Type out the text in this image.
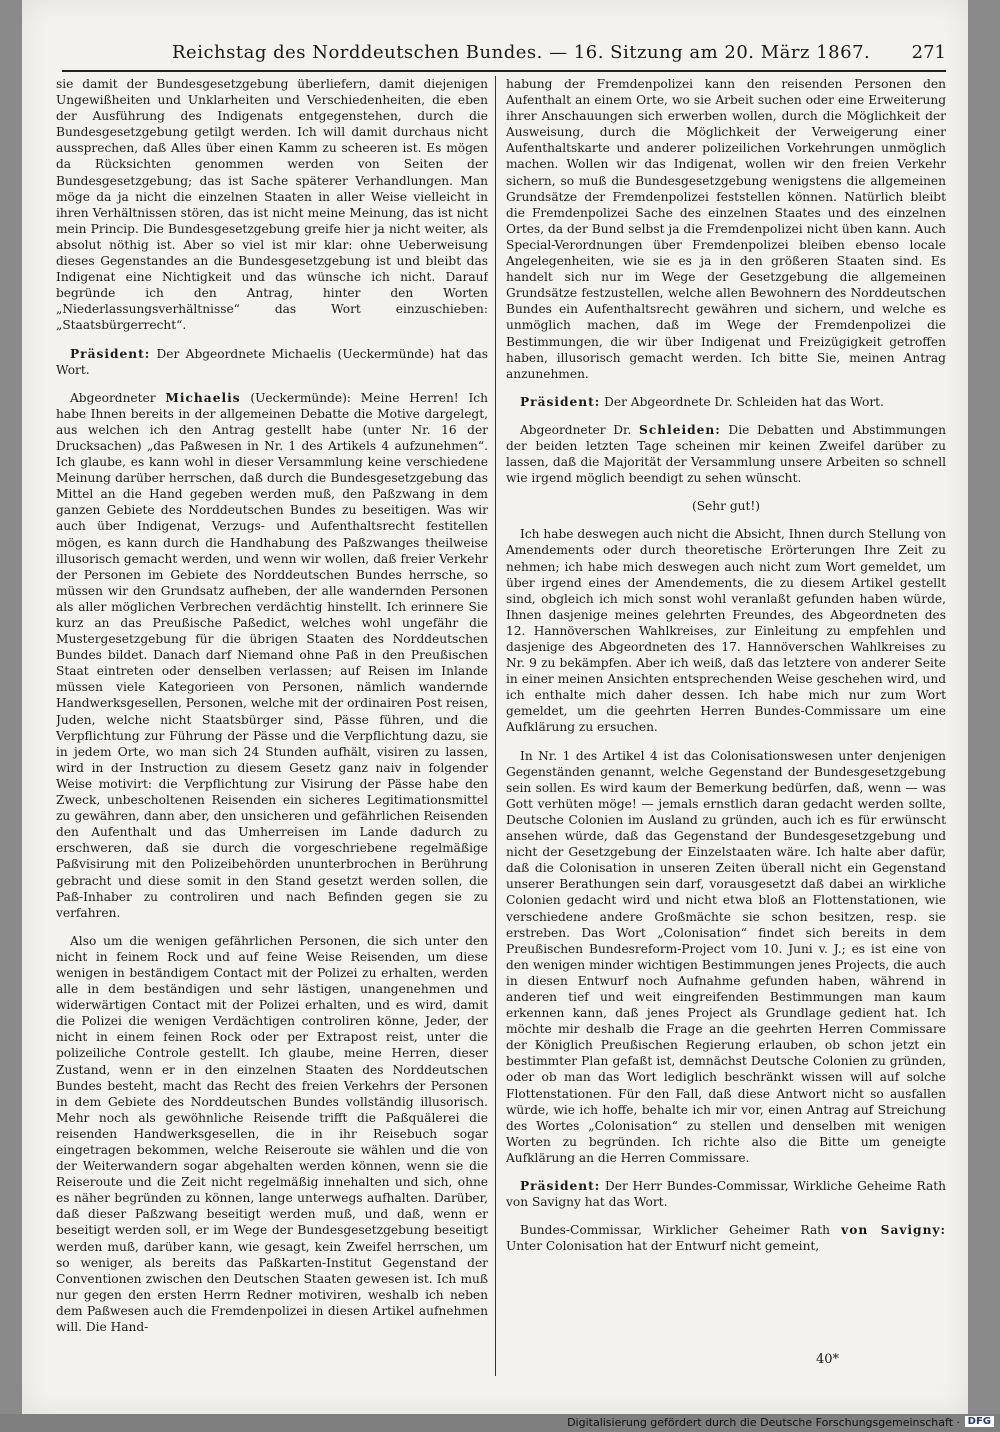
Reichstag des Norddeutschen Bundes. — 16. Sitzung am 20. März 1867. 271

sie damit der Bundesgesetzgebung überliefern, damit diejenigen Ungewißheiten und Unklarheiten und Verschiedenheiten, die eben der Ausführung des Indigenats entgegenstehen, durch die Bundesgesetzgebung getilgt werden. Ich will damit durchaus nicht aussprechen, daß Alles über einen Kamm zu scheeren ist. Es mögen da Rücksichten genommen werden von Seiten der Bundesgesetzgebung; das ist Sache späterer Verhandlungen. Man möge da ja nicht die einzelnen Staaten in aller Weise vielleicht in ihren Verhältnissen stören, das ist nicht meine Meinung, das ist nicht mein Princip. Die Bundesgesetzgebung greife hier ja nicht weiter, als absolut nöthig ist. Aber so viel ist mir klar: ohne Ueberweisung dieses Gegenstandes an die Bundesgesetzgebung ist und bleibt das Indigenat eine Nichtigkeit und das wünsche ich nicht. Darauf begründe ich den Antrag, hinter den Worten „Niederlassungsverhältnisse“ das Wort einzuschieben: „Staatsbürgerrecht“.

Präsident: Der Abgeordnete Michaelis (Ueckermünde) hat das Wort.

Abgeordneter Michaelis (Ueckermünde): Meine Herren! Ich habe Ihnen bereits in der allgemeinen Debatte die Motive dargelegt, aus welchen ich den Antrag gestellt habe (unter Nr. 16 der Drucksachen) „das Paßwesen in Nr. 1 des Artikels 4 aufzunehmen“. Ich glaube, es kann wohl in dieser Versammlung keine verschiedene Meinung darüber herrschen, daß durch die Bundesgesetzgebung das Mittel an die Hand gegeben werden muß, den Paßzwang in dem ganzen Gebiete des Norddeutschen Bundes zu beseitigen. Was wir auch über Indigenat, Verzugs- und Aufenthaltsrecht festitellen mögen, es kann durch die Handhabung des Paßzwanges theilweise illusorisch gemacht werden, und wenn wir wollen, daß freier Verkehr der Personen im Gebiete des Norddeutschen Bundes herrsche, so müssen wir den Grundsatz aufheben, der alle wandernden Personen als aller möglichen Verbrechen verdächtig hinstellt. Ich erinnere Sie kurz an das Preußische Paßedict, welches wohl ungefähr die Mustergesetzgebung für die übrigen Staaten des Norddeutschen Bundes bildet. Danach darf Niemand ohne Paß in den Preußischen Staat eintreten oder denselben verlassen; auf Reisen im Inlande müssen viele Kategorieen von Personen, nämlich wandernde Handwerksgesellen, Personen, welche mit der ordinairen Post reisen, Juden, welche nicht Staatsbürger sind, Pässe führen, und die Verpflichtung zur Führung der Pässe und die Verpflichtung dazu, sie in jedem Orte, wo man sich 24 Stunden aufhält, visiren zu lassen, wird in der Instruction zu diesem Gesetz ganz naiv in folgender Weise motivirt: die Verpflichtung zur Visirung der Pässe habe den Zweck, unbescholtenen Reisenden ein sicheres Legitimationsmittel zu gewähren, dann aber, den unsicheren und gefährlichen Reisenden den Aufenthalt und das Umherreisen im Lande dadurch zu erschweren, daß sie durch die vorgeschriebene regelmäßige Paßvisirung mit den Polizeibehörden ununterbrochen in Berührung gebracht und diese somit in den Stand gesetzt werden sollen, die Paß-Inhaber zu controliren und nach Befinden gegen sie zu verfahren.

Also um die wenigen gefährlichen Personen, die sich unter den nicht in feinem Rock und auf feine Weise Reisenden, um diese wenigen in beständigem Contact mit der Polizei zu erhalten, werden alle in dem beständigen und sehr lästigen, unangenehmen und widerwärtigen Contact mit der Polizei erhalten, und es wird, damit die Polizei die wenigen Verdächtigen controliren könne, Jeder, der nicht in einem feinen Rock oder per Extrapost reist, unter die polizeiliche Controle gestellt. Ich glaube, meine Herren, dieser Zustand, wenn er in den einzelnen Staaten des Norddeutschen Bundes besteht, macht das Recht des freien Verkehrs der Personen in dem Gebiete des Norddeutschen Bundes vollständig illusorisch. Mehr noch als gewöhnliche Reisende trifft die Paßquälerei die reisenden Handwerksgesellen, die in ihr Reisebuch sogar eingetragen bekommen, welche Reiseroute sie wählen und die von der Weiterwandern sogar abgehalten werden können, wenn sie die Reiseroute und die Zeit nicht regelmäßig innehalten und sich, ohne es näher begründen zu können, lange unterwegs aufhalten. Darüber, daß dieser Paßzwang beseitigt werden muß, und daß, wenn er beseitigt werden soll, er im Wege der Bundesgesetzgebung beseitigt werden muß, darüber kann, wie gesagt, kein Zweifel herrschen, um so weniger, als bereits das Paßkarten-Institut Gegenstand der Conventionen zwischen den Deutschen Staaten gewesen ist. Ich muß nur gegen den ersten Herrn Redner motiviren, weshalb ich neben dem Paßwesen auch die Fremdenpolizei in diesen Artikel aufnehmen will. Die Hand-

habung der Fremdenpolizei kann den reisenden Personen den Aufenthalt an einem Orte, wo sie Arbeit suchen oder eine Erweiterung ihrer Anschauungen sich erwerben wollen, durch die Möglichkeit der Ausweisung, durch die Möglichkeit der Verweigerung einer Aufenthaltskarte und anderer polizeilichen Vorkehrungen unmöglich machen. Wollen wir das Indigenat, wollen wir den freien Verkehr sichern, so muß die Bundesgesetzgebung wenigstens die allgemeinen Grundsätze der Fremdenpolizei feststellen können. Natürlich bleibt die Fremdenpolizei Sache des einzelnen Staates und des einzelnen Ortes, da der Bund selbst ja die Fremdenpolizei nicht üben kann. Auch Special-Verordnungen über Fremdenpolizei bleiben ebenso locale Angelegenheiten, wie sie es ja in den größeren Staaten sind. Es handelt sich nur im Wege der Gesetzgebung die allgemeinen Grundsätze festzustellen, welche allen Bewohnern des Norddeutschen Bundes ein Aufenthaltsrecht gewähren und sichern, und welche es unmöglich machen, daß im Wege der Fremdenpolizei die Bestimmungen, die wir über Indigenat und Freizügigkeit getroffen haben, illusorisch gemacht werden. Ich bitte Sie, meinen Antrag anzunehmen.

Präsident: Der Abgeordnete Dr. Schleiden hat das Wort.

Abgeordneter Dr. Schleiden: Die Debatten und Abstimmungen der beiden letzten Tage scheinen mir keinen Zweifel darüber zu lassen, daß die Majorität der Versammlung unsere Arbeiten so schnell wie irgend möglich beendigt zu sehen wünscht.

(Sehr gut!)

Ich habe deswegen auch nicht die Absicht, Ihnen durch Stellung von Amendements oder durch theoretische Erörterungen Ihre Zeit zu nehmen; ich habe mich deswegen auch nicht zum Wort gemeldet, um über irgend eines der Amendements, die zu diesem Artikel gestellt sind, obgleich ich mich sonst wohl veranlaßt gefunden haben würde, Ihnen dasjenige meines gelehrten Freundes, des Abgeordneten des 12. Hannöverschen Wahlkreises, zur Einleitung zu empfehlen und dasjenige des Abgeordneten des 17. Hannöverschen Wahlkreises zu Nr. 9 zu bekämpfen. Aber ich weiß, daß das letztere von anderer Seite in einer meinen Ansichten entsprechenden Weise geschehen wird, und ich enthalte mich daher dessen. Ich habe mich nur zum Wort gemeldet, um die geehrten Herren Bundes-Commissare um eine Aufklärung zu ersuchen.

In Nr. 1 des Artikel 4 ist das Colonisationswesen unter denjenigen Gegenständen genannt, welche Gegenstand der Bundesgesetzgebung sein sollen. Es wird kaum der Bemerkung bedürfen, daß, wenn — was Gott verhüten möge! — jemals ernstlich daran gedacht werden sollte, Deutsche Colonien im Ausland zu gründen, auch ich es für erwünscht ansehen würde, daß das Gegenstand der Bundesgesetzgebung und nicht der Gesetzgebung der Einzelstaaten wäre. Ich halte aber dafür, daß die Colonisation in unseren Zeiten überall nicht ein Gegenstand unserer Berathungen sein darf, vorausgesetzt daß dabei an wirkliche Colonien gedacht wird und nicht etwa bloß an Flottenstationen, wie verschiedene andere Großmächte sie schon besitzen, resp. sie erstreben. Das Wort „Colonisation“ findet sich bereits in dem Preußischen Bundesreform-Project vom 10. Juni v. J.; es ist eine von den wenigen minder wichtigen Bestimmungen jenes Projects, die auch in diesen Entwurf noch Aufnahme gefunden haben, während in anderen tief und weit eingreifenden Bestimmungen man kaum erkennen kann, daß jenes Project als Grundlage gedient hat. Ich möchte mir deshalb die Frage an die geehrten Herren Commissare der Königlich Preußischen Regierung erlauben, ob schon jetzt ein bestimmter Plan gefaßt ist, demnächst Deutsche Colonien zu gründen, oder ob man das Wort lediglich beschränkt wissen will auf solche Flottenstationen. Für den Fall, daß diese Antwort nicht so ausfallen würde, wie ich hoffe, behalte ich mir vor, einen Antrag auf Streichung des Wortes „Colonisation“ zu stellen und denselben mit wenigen Worten zu begründen. Ich richte also die Bitte um geneigte Aufklärung an die Herren Commissare.

Präsident: Der Herr Bundes-Commissar, Wirkliche Geheime Rath von Savigny hat das Wort.

Bundes-Commissar, Wirklicher Geheimer Rath von Savigny: Unter Colonisation hat der Entwurf nicht gemeint,

40*
Digitalisierung gefördert durch die Deutsche Forschungsgemeinschaft · DFG
